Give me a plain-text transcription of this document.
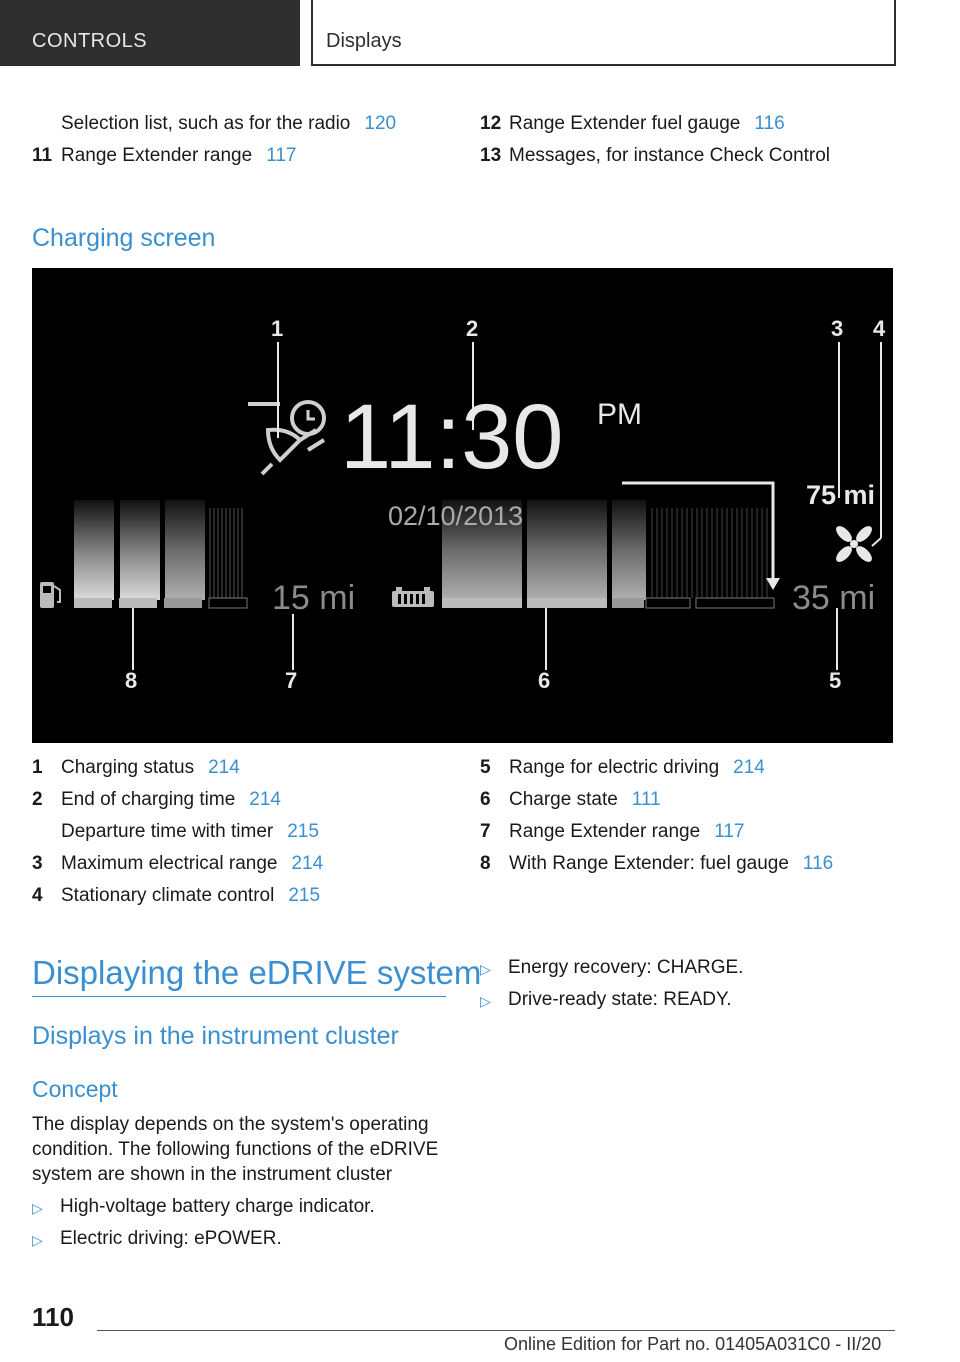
CONTROLS	Displays
Selection list, such as for the radio 120
11 Range Extender range 117
12 Range Extender fuel gauge 116
13 Messages, for instance Check Control
Charging screen
11:30 PM
02/10/2013
15 mi	35 mi
75 mi
1	2	3 4
5
6
7
8
1 Charging status 214
2 End of charging time 214
Departure time with timer 215
3 Maximum electrical range 214
4 Stationary climate control 215
5 Range for electric driving 214
6 Charge state 111
7 Range Extender range 117
8 With Range Extender: fuel gauge 116
Displaying the eDRIVE system
Displays in the instrument cluster
Concept
The display depends on the system's operating condition. The following functions of the eDRIVE system are shown in the instrument cluster
▷ High-voltage battery charge indicator.
▷ Electric driving: ePOWER.
▷ Energy recovery: CHARGE.
▷ Drive-ready state: READY.
110
Online Edition for Part no. 01405A031C0 - II/20
